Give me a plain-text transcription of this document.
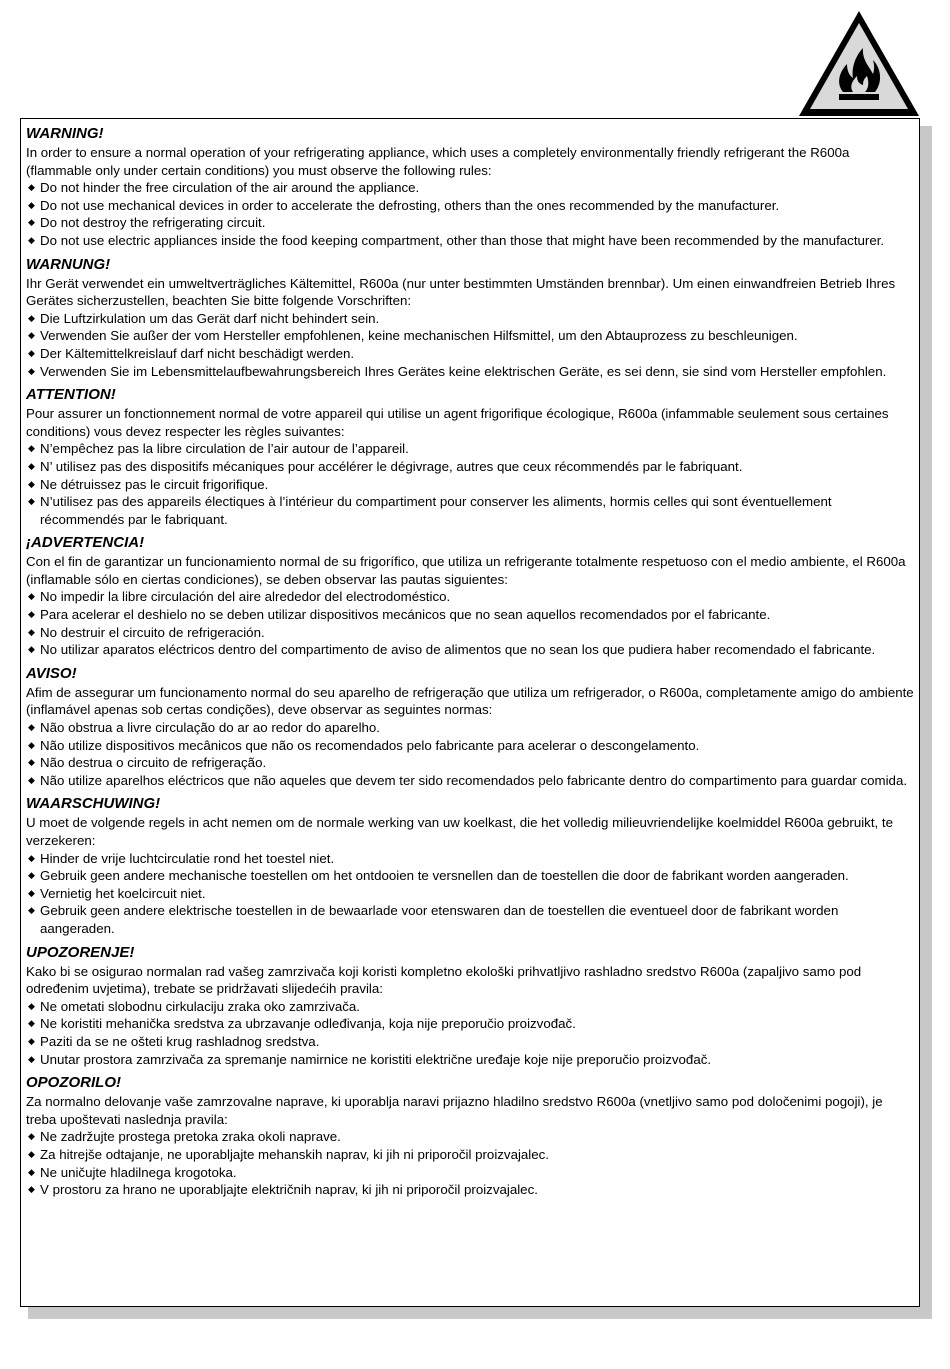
WARNING!
In order to ensure a normal operation of your refrigerating appliance, which uses a completely environmentally friendly refrigerant the R600a (flammable only under certain conditions) you must observe the following rules:
◆ Do not hinder the free circulation of the air around the appliance.
◆ Do not use mechanical devices in order to accelerate the defrosting, others than the ones recommended by the manufacturer.
◆ Do not destroy the refrigerating circuit.
◆ Do not use electric appliances inside the food keeping compartment, other than those that might have been recommended by the manufacturer.
WARNUNG!
Ihr Gerät verwendet ein umweltverträgliches Kältemittel, R600a (nur unter bestimmten Umständen brennbar). Um einen einwandfreien Betrieb Ihres Gerätes sicherzustellen, beachten Sie bitte folgende Vorschriften:
◆ Die Luftzirkulation um das Gerät darf nicht behindert sein.
◆ Verwenden Sie außer der vom Hersteller empfohlenen, keine mechanischen Hilfsmittel, um den Abtauprozess zu beschleunigen.
◆ Der Kältemittelkreislauf darf nicht beschädigt werden.
◆ Verwenden Sie im Lebensmittelaufbewahrungsbereich Ihres Gerätes keine elektrischen Geräte, es sei denn, sie sind vom Hersteller empfohlen.
ATTENTION!
Pour assurer un fonctionnement normal de votre appareil qui utilise un agent frigorifique écologique, R600a (infammable seulement sous certaines conditions) vous devez respecter les règles suivantes:
◆ N’empêchez pas la libre circulation de l’air autour de l’appareil.
◆ N’ utilisez pas des dispositifs mécaniques pour accélérer le dégivrage, autres que ceux récommendés par le fabriquant.
◆ Ne détruissez pas le circuit frigorifique.
◆ N’utilisez pas des appareils électiques à l’intérieur du compartiment pour conserver les aliments, hormis celles qui sont éventuellement récommendés par le fabriquant.
¡ADVERTENCIA!
Con el fin de garantizar un funcionamiento normal de su frigorífico, que utiliza un refrigerante totalmente respetuoso con el medio ambiente, el R600a (inflamable sólo en ciertas condiciones), se deben observar las pautas siguientes:
◆ No impedir la libre circulación del aire alrededor del electrodoméstico.
◆ Para acelerar el deshielo no se deben utilizar dispositivos mecánicos que no sean aquellos recomendados por el fabricante.
◆ No destruir el circuito de refrigeración.
◆ No utilizar aparatos eléctricos dentro del compartimento de aviso de alimentos que no sean los que pudiera haber recomendado el fabricante.
AVISO!
Afim de assegurar um funcionamento normal do seu aparelho de refrigeração que utiliza um refrigerador, o R600a, completamente amigo do ambiente (inflamável apenas sob certas condições), deve observar as seguintes normas:
◆ Não obstrua a livre circulação do ar ao redor do aparelho.
◆ Não utilize dispositivos mecânicos que não os recomendados pelo fabricante para acelerar o descongelamento.
◆ Não destrua o circuito de refrigeração.
◆ Não utilize aparelhos eléctricos que não aqueles que devem ter sido recomendados pelo fabricante dentro do compartimento para guardar comida.
WAARSCHUWING!
U moet de volgende regels in acht nemen om de normale werking van uw koelkast, die het volledig milieuvriendelijke koelmiddel R600a gebruikt, te verzekeren:
◆ Hinder de vrije luchtcirculatie rond het toestel niet.
◆ Gebruik geen andere mechanische toestellen om het ontdooien te versnellen dan de toestellen die door de fabrikant worden aangeraden.
◆ Vernietig het koelcircuit niet.
◆ Gebruik geen andere elektrische toestellen in de bewaarlade voor etenswaren dan de toestellen die eventueel door de fabrikant worden aangeraden.
UPOZORENJE!
Kako bi se osigurao normalan rad vašeg zamrzivača koji koristi kompletno ekološki prihvatljivo rashladno sredstvo R600a (zapaljivo samo pod određenim uvjetima), trebate se pridržavati slijedećih pravila:
◆ Ne ometati slobodnu cirkulaciju zraka oko zamrzivača.
◆ Ne koristiti mehanička sredstva za ubrzavanje odleđivanja, koja nije preporučio proizvođač.
◆ Paziti da se ne ošteti krug rashladnog sredstva.
◆ Unutar prostora zamrzivača za spremanje namirnice ne koristiti električne uređaje koje nije preporučio proizvođač.
OPOZORILO!
Za normalno delovanje vaše zamrzovalne naprave, ki uporablja naravi prijazno hladilno sredstvo R600a (vnetljivo samo pod določenimi pogoji), je treba upoštevati naslednja pravila:
◆ Ne zadržujte prostega pretoka zraka okoli naprave.
◆ Za hitrejše odtajanje, ne uporabljajte mehanskih naprav, ki jih ni priporočil proizvajalec.
◆ Ne uničujte hladilnega krogotoka.
◆ V prostoru za hrano ne uporabljajte električnih naprav, ki jih ni priporočil proizvajalec.
